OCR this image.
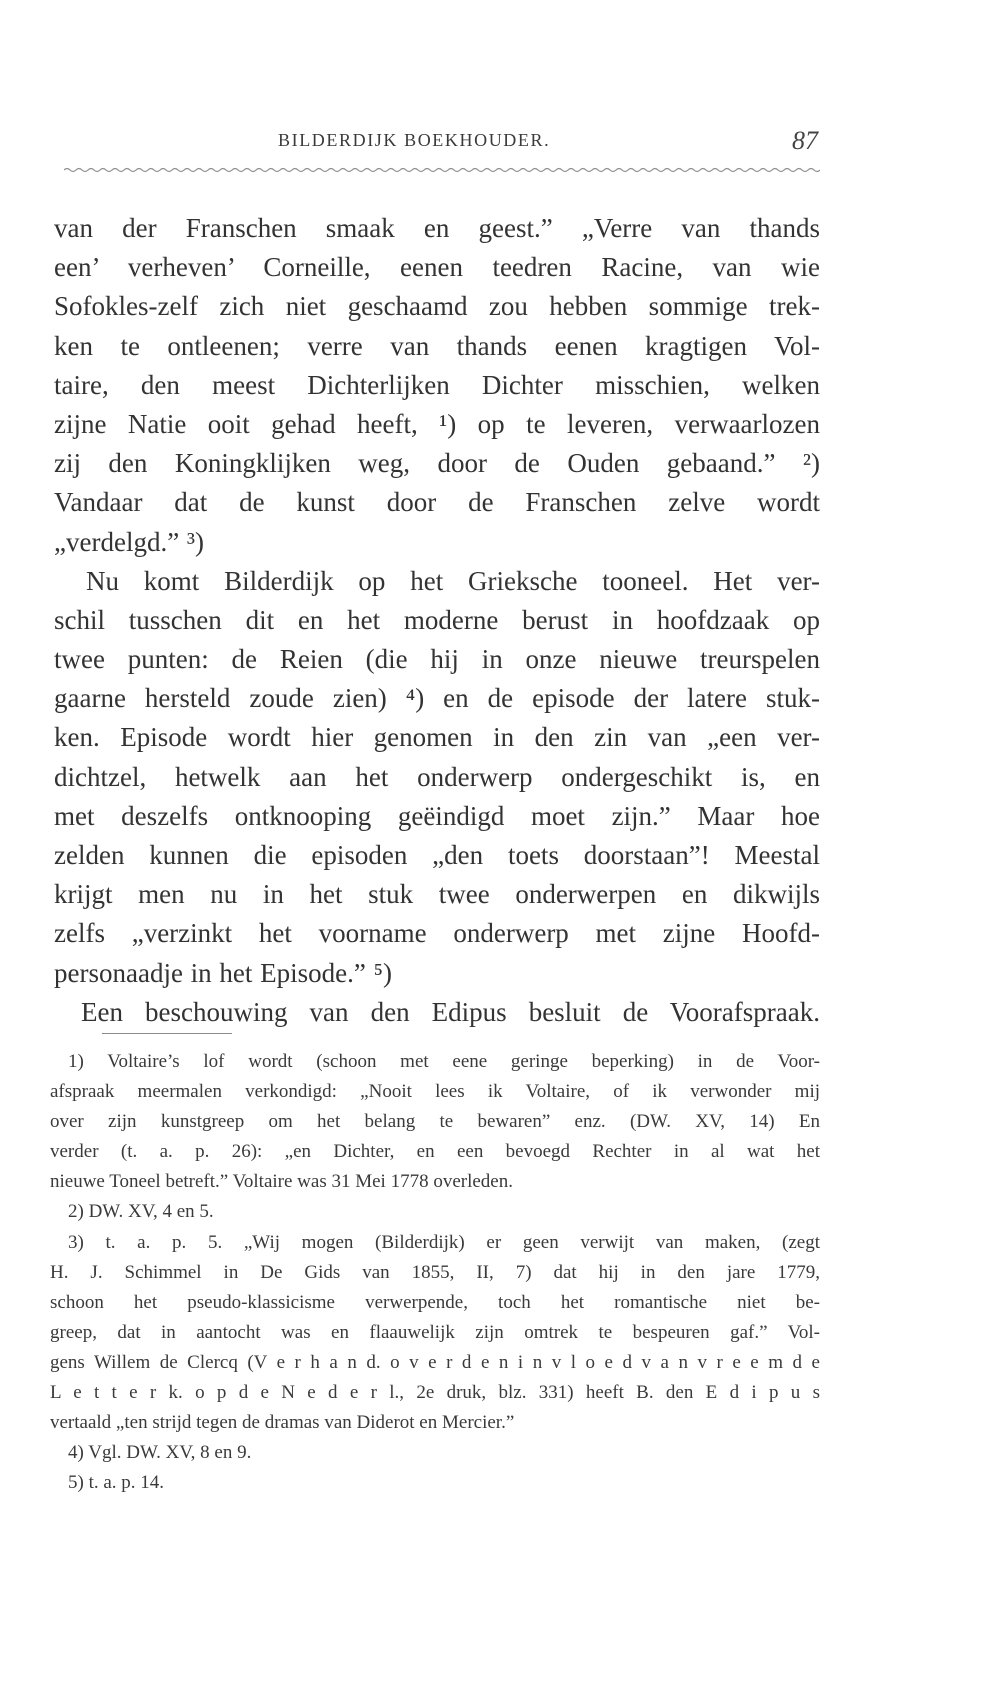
BILDERDIJK BOEKHOUDER.	87
van der Franschen smaak en geest.” „Verre van thands
een’ verheven’ Corneille, eenen teedren Racine, van wie
Sofokles-zelf zich niet geschaamd zou hebben sommige trek-
ken te ontleenen; verre van thands eenen kragtigen Vol-
taire, den meest Dichterlijken Dichter misschien, welken
zijne Natie ooit gehad heeft, ¹) op te leveren, verwaarlozen
zij den Koningklijken weg, door de Ouden gebaand.” ²)
Vandaar dat de kunst door de Franschen zelve wordt
„verdelgd.” ³)
Nu komt Bilderdijk op het Grieksche tooneel. Het ver-
schil tusschen dit en het moderne berust in hoofdzaak op
twee punten: de Reien (die hij in onze nieuwe treurspelen
gaarne hersteld zoude zien) ⁴) en de episode der latere stuk-
ken. Episode wordt hier genomen in den zin van „een ver-
dichtzel, hetwelk aan het onderwerp ondergeschikt is, en
met deszelfs ontknooping geëindigd moet zijn.” Maar hoe
zelden kunnen die episoden „den toets doorstaan”! Meestal
krijgt men nu in het stuk twee onderwerpen en dikwijls
zelfs „verzinkt het voorname onderwerp met zijne Hoofd-
personaadje in het Episode.” ⁵)
Een beschouwing van den Edipus besluit de Voorafspraak.
1) Voltaire’s lof wordt (schoon met eene geringe beperking) in de Voor-
afspraak meermalen verkondigd: „Nooit lees ik Voltaire, of ik verwonder mij
over zijn kunstgreep om het belang te bewaren” enz. (DW. XV, 14) En
verder (t. a. p. 26): „en Dichter, en een bevoegd Rechter in al wat het
nieuwe Toneel betreft.” Voltaire was 31 Mei 1778 overleden.
2) DW. XV, 4 en 5.
3) t. a. p. 5. „Wij mogen (Bilderdijk) er geen verwijt van maken, (zegt
H. J. Schimmel in De Gids van 1855, II, 7) dat hij in den jare 1779,
schoon het pseudo-klassicisme verwerpende, toch het romantische niet be-
greep, dat in aantocht was en flaauwelijk zijn omtrek te bespeuren gaf.” Vol-
gens Willem de Clercq (V e r h a n d. o v e r d e n i n v l o e d v a n v r e e m d e
L e t t e r k. o p d e N e d e r l., 2e druk, blz. 331) heeft B. den E d i p u s
vertaald „ten strijd tegen de dramas van Diderot en Mercier.”
4) Vgl. DW. XV, 8 en 9.
5) t. a. p. 14.
